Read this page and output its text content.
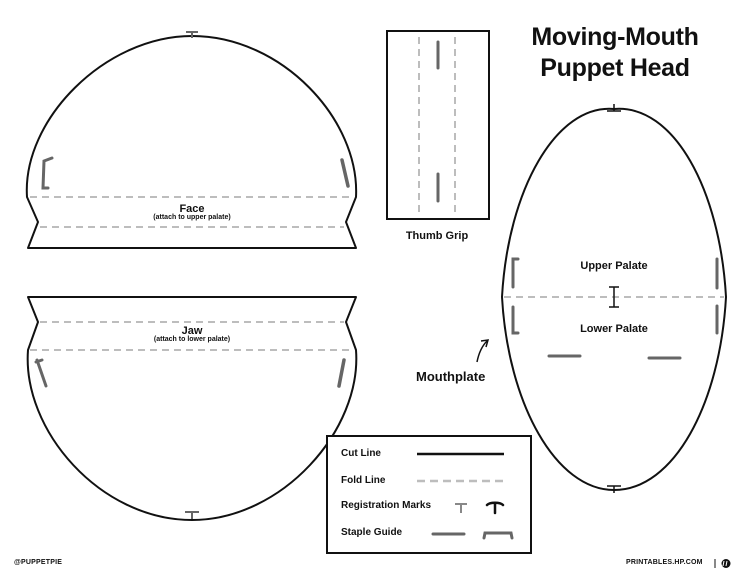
Moving-Mouth
Puppet Head
Face
(attach to upper palate)
Jaw
(attach to lower palate)
Thumb Grip
Upper Palate
Lower Palate
Mouthplate
Cut Line
Fold Line
Registration Marks
Staple Guide
@PUPPETPIE	PRINTABLES.HP.COM
